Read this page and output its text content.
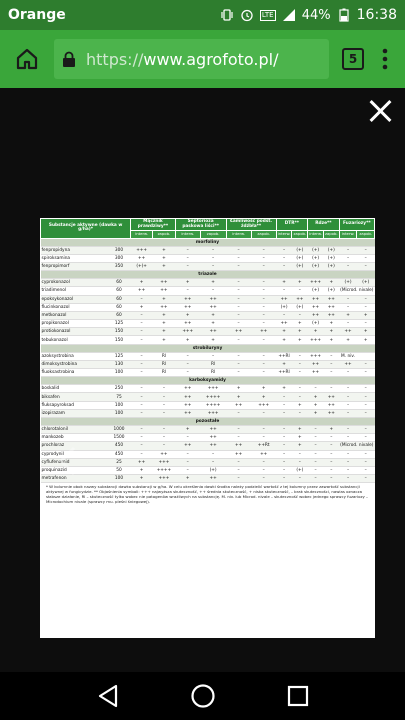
Orange	LTE 44% 16:38
https://www.agrofoto.pl/	5
Substancje aktywne (dawka w g/ha)*		Mącznik prawdziwy**		Septorioza paskowa liści**		Łamliwość podst. źdźbła**		DTR**		Rdze**		Fuzariozy**	
		interw.	zapob.	interw.	zapob.	interw.	zapob.	interw.	zapob.	interw.	zapob.	interw.	zapob.
morfoliny													
fenpropidyna	300	+++	+	–	–	–	–	–	(+)	(+)	(+)	–	–
spiroksamina	300	++	+	–	–	–	–	–	(+)	(+)	(+)	–	–
fenpropimorf	350	(+)+	+	–	–	–	–	–	(+)	(+)	(+)	–	–
triazole													
cyprokonazol	60	+	++	+	+	–	–	+	+	+++	+	(+)	(+)
triadimenol	60	++	++	–	–	–	–	–	–	(+)	(+)	(Microd. nivale)	
epoksykonazol	60	–	+	++	++	–	–	++	++	++	++	–	–
flucinkonazol	60	+	++	++	++	–	–	(+)	(+)	++	++	–	–
metkonazol	60	–	+	+	+	–	–	–	–	++	++	+	+
propikonazol	125	–	+	++	+	–	–	++	+	(+)	+	–	–
protiokonazol	150	–	+	+++	++	++	++	+	+	+	+	++	+
tebukonazol	150	–	+	+	+	–	–	+	+	+++	+	+	+
strobiluryny													
azoksystrobina	125	–	Rl	–	–	–	–	++Rl	–	+++	–	M. niv.	
dimoksystrobina	130	–	Rl	–	Rl	–	–	+	–	++	–	++	–
fluoksastrobina	100	–	Rl	–	Rl	–	–	++Rl	–	++	–	–	–
karboksyamidy													
boskalid	250	–	–	++	+++	+	+	+	–	–	–	–	–
biksafen	75	–	–	++	++++	+	+	–	–	+	++	–	–
fluksapyroksad	100	–	–	++	++++	++	+++	–	+	+	++	–	–
izopirazam	100	–	–	++	+++	–	–	–	–	+	++	–	–
pozostałe													
chlorotalonil	1000	–	–	+	++	–	–	–	+	–	+	–	–
mankozeb	1500	–	–	–	++	–	–	–	+	–	–	–	–
prochloraz	450	–	–	++	++	++	++Rt	–	+	–	–	(Microd. nivale)	
cyprodynil	450	–	++	–	–	++	++	–	–	–	–	–	–
cyflufenamid	25	++	+++	–	–	–	–	–	–	–	–	–	–
proquinazid	50	+	++++	–	(+)	–	–	–	(+)	–	–	–	–
metrafenon	100	+	+++	+	++	–	–	–	–	–	–	–	–
* W kolumnie obok nazwy substancji dawka substancji w g/ha. W celu określenia dawki środka należy podzielić wartość z tej kolumny przez zawartość substancji aktywnej w fungicydzie. ** Objaśnienia symboli: +++ najwyższa skuteczność, ++ średnia skuteczność, + niska skuteczność, – brak skuteczności, nawias oznacza słabsze działanie, Rl – skuteczność tylko wobec nie patogenów wrażliwych na substancję. M. niv. lub Microd. nivale – skuteczność wobec jednego sprawcy fuzariozy – Microdochium nivale (sprawcy mu. pleśni śniegowej).
